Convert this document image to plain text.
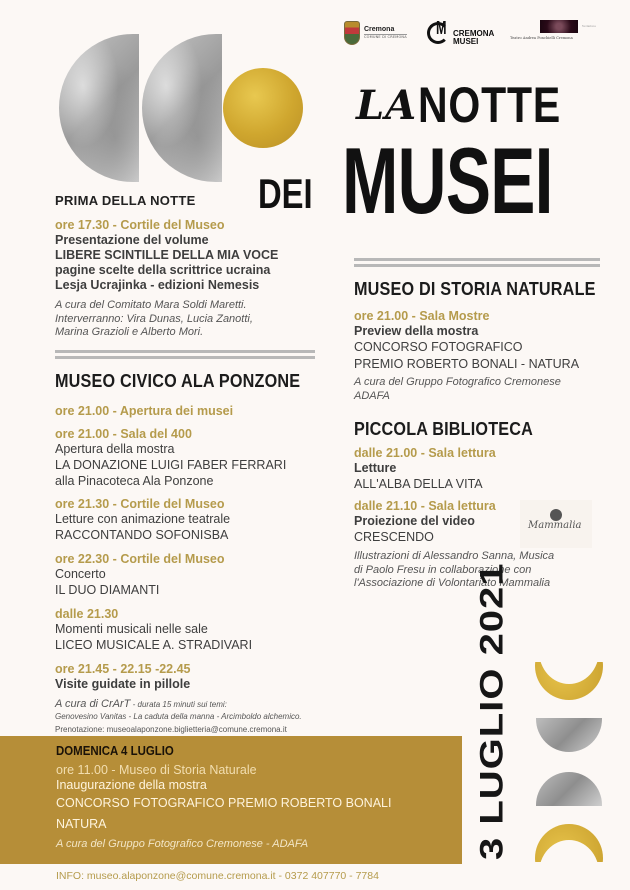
Cremona
COMUNE DI CREMONA M CREMONA
MUSEI
fondazione
Teatro Andrea Ponchielli Cremona
LA NOTTE
DEI MUSEI
PRIMA DELLA NOTTE
ore 17.30 - Cortile del Museo
Presentazione del volume
LIBERE SCINTILLE DELLA MIA VOCE
pagine scelte della scrittrice ucraina
Lesja Ucrajinka - edizioni Nemesis
A cura del Comitato Mara Soldi Maretti.
Interverranno: Vira Dunas, Lucia Zanotti,
Marina Grazioli e Alberto Mori.
MUSEO CIVICO ALA PONZONE
ore 21.00 - Apertura dei musei
ore 21.00 - Sala del 400
Apertura della mostra
LA DONAZIONE LUIGI FABER FERRARI
alla Pinacoteca Ala Ponzone
ore 21.30 - Cortile del Museo
Letture con animazione teatrale
RACCONTANDO SOFONISBA
ore 22.30 - Cortile del Museo
Concerto
IL DUO DIAMANTI
dalle 21.30
Momenti musicali nelle sale
LICEO MUSICALE A. STRADIVARI
ore 21.45 - 22.15 -22.45
Visite guidate in pillole
A cura di CrArT - durata 15 minuti sui temi:
Genovesino Vanitas - La caduta della manna - Arcimboldo alchemico.
Prenotazione: museoalaponzone.biglietteria@comune.cremona.it
MUSEO DI STORIA NATURALE
ore 21.00 - Sala Mostre
Preview della mostra
CONCORSO FOTOGRAFICO
PREMIO ROBERTO BONALI - NATURA
A cura del Gruppo Fotografico Cremonese
ADAFA
PICCOLA BIBLIOTECA
dalle 21.00 - Sala lettura
Letture
ALL'ALBA DELLA VITA
dalle 21.10 - Sala lettura
Proiezione del video
CRESCENDO
Illustrazioni di Alessandro Sanna, Musica
di Paolo Fresu in collaborazione con
l'Associazione di Volontariato Mammalia
Mammalia
DOMENICA 4 LUGLIO
ore 11.00 - Museo di Storia Naturale
Inaugurazione della mostra
CONCORSO FOTOGRAFICO PREMIO ROBERTO BONALI
NATURA
A cura del Gruppo Fotografico Cremonese - ADAFA
INFO: museo.alaponzone@comune.cremona.it - 0372 407770 - 7784
3 LUGLIO 2021
